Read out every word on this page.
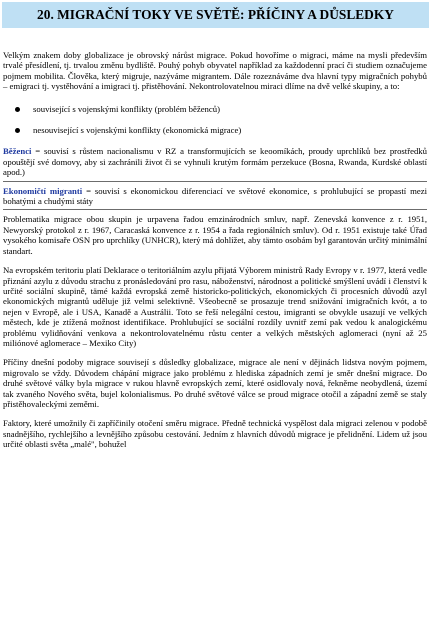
20. MIGRAČNÍ TOKY VE SVĚTĚ: PŘÍČINY A DŮSLEDKY

Velkým znakem doby globalizace je obrovský nárůst migrace. Pokud hovoříme o migraci, máme na mysli především trvalé přesídlení, tj. trvalou změnu bydliště. Pouhý pohyb obyvatel například za každodenní prací či studiem označujeme pojmem mobilita. Člověka, který migruje, nazýváme migrantem. Dále rozeznáváme dva hlavní typy migračních pohybů – emigraci tj. vystěhování a imigraci tj. přistěhování. Nekontrolovatelnou miraci dlíme na dvě velké skupiny, a to:

související s vojenskými konflikty (problém běženců)
nesouvisející s vojenskými konflikty (ekonomická migrace)

Běženci = souvisí s růstem nacionalismu v RZ a transformujících se keoomíkách, proudy uprchlíků bez prostředků opouštějí své domovy, aby si zachránili život či se vyhnuli krutým formám perzekuce (Bosna, Rwanda, Kurdské oblastí apod.)

Ekonomičtí migranti = souvisí s ekonomickou diferenciací ve světové ekonomice, s prohlubující se propastí mezi bohatými a chudými státy

Problematika migrace obou skupin je urpavena řadou emzinárodních smluv, např. Zenevská konvence z r. 1951, Newyorský protokol z r. 1967, Caracaská konvence z r. 1954 a řada regionálních smluv). Od r. 1951 existuje také Úřad vysokého komisaře OSN pro uprchlíky (UNHCR), který má dohlížet, aby tämto osobám byl garantován určitý minimální standart.

Na evropském teritoriu platí Deklarace o teritoriálním azylu přijatá Výborem ministrů Rady Evropy v r. 1977, která vedle přiznání azylu z důvodu strachu z pronásledování pro rasu, náboženství, národnost a politické smýšlení uvádí i členství k určité sociální skupině, tämé každá evropská země historicko-politických, ekonomických či procesních důvodů azyl ekonomických migrantů uděluje již velmi selektivně. Všeobecně se prosazuje trend snižování imigračních kvót, a to nejen v Evropě, ale i USA, Kanadě a Austrálii. Toto se řeší nelegální cestou, imigranti se obvykle usazují ve velkých městech, kde je ztížená možnost identifikace. Prohlubující se sociální rozdíly uvnitř zemí pak vedou k analogickému problému vylidňování venkova a nekontrolovatelnému růstu center a velkých městských aglomeraci (nyní až 25 miliónové aglomerace – Mexiko City)

Příčiny dnešní podoby migrace souvisejí s důsledky globalizace, migrace ale není v dějinách lidstva novým pojmem, migrovalo se vždy. Důvodem chápání migrace jako problému z hlediska západních zemí je směr dnešní migrace. Do druhé světové války byla migrace v rukou hlavně evropských zemí, které osidlovaly nová, řekněme neobydlená, území tak zvaného Nového světa, bujel kolonialismus. Po druhé světové válce se proud migrace otočil a západní země se staly přistěhovaleckými zeměmi.

Faktory, které umožnily či zapříčinily otočení směru migrace. Předně technická vyspělost dala migraci zelenou v podobě snadnějšího, rychlejšího a levnějšího způsobu cestování. Jedním z hlavních důvodů migrace je přelidnění. Lidem už jsou určité oblasti světa „malé", bohužel
